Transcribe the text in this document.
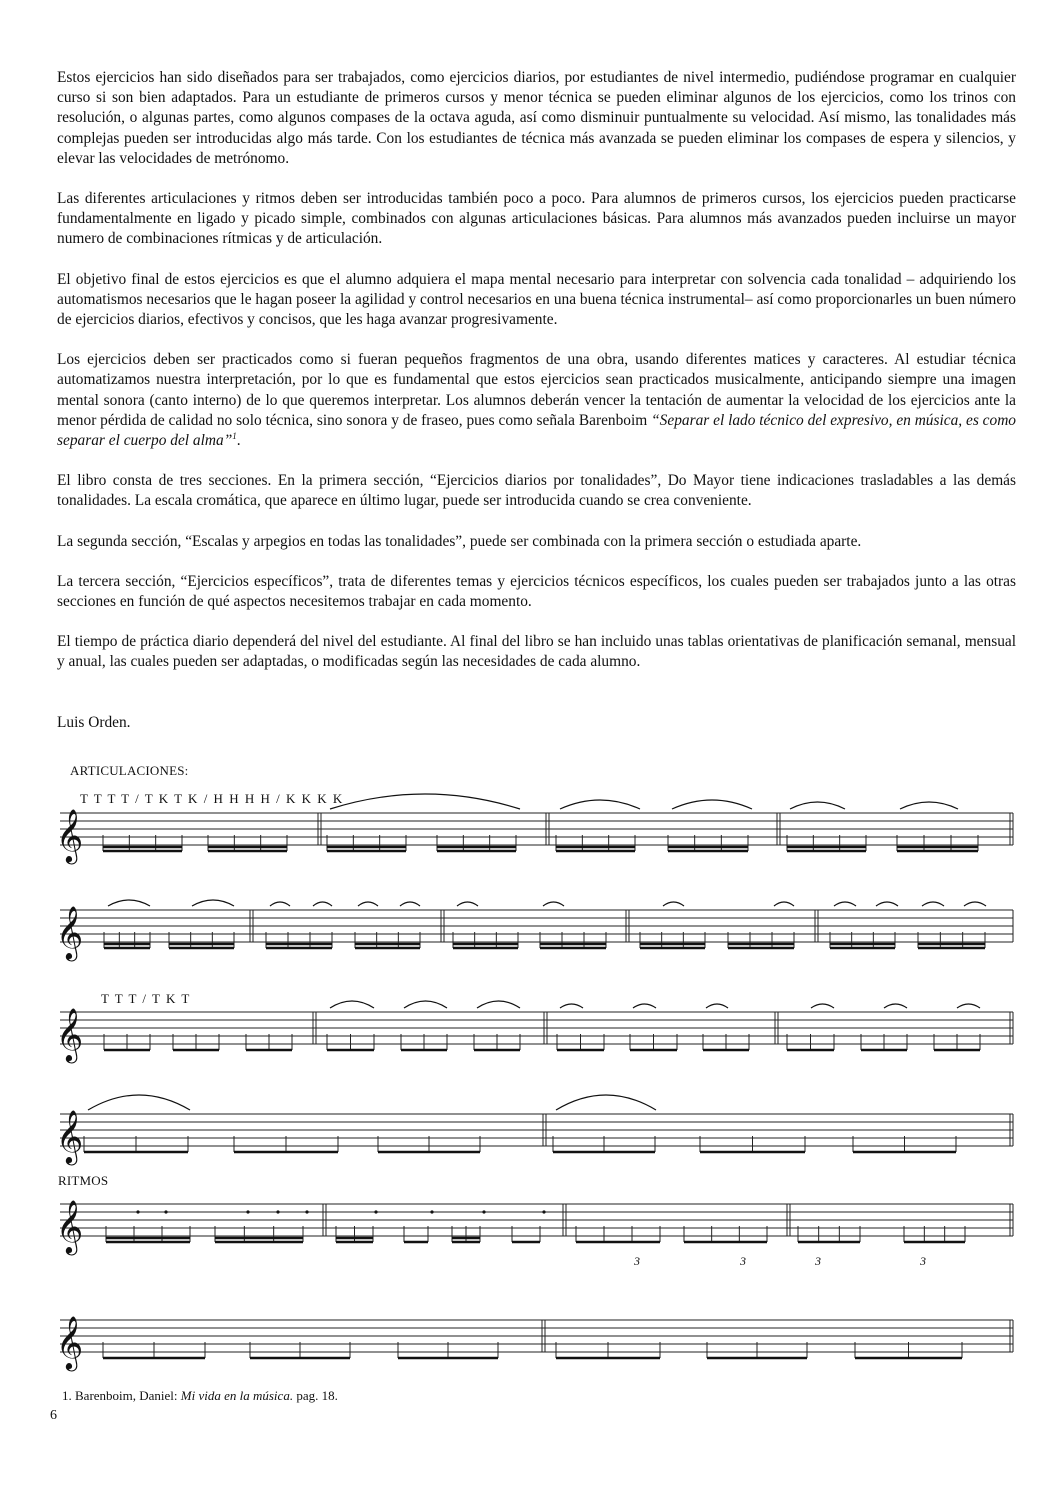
Estos ejercicios han sido diseñados para ser trabajados, como ejercicios diarios, por estudiantes de nivel intermedio, pudiéndose programar en cualquier curso si son bien adaptados. Para un estudiante de primeros cursos y menor técnica se pueden eliminar algunos de los ejercicios, como los trinos con resolución, o algunas partes, como algunos compases de la octava aguda, así como disminuir puntualmente su velocidad. Así mismo, las tonalidades más complejas pueden ser introducidas algo más tarde. Con los estudiantes de técnica más avanzada se pueden eliminar los compases de espera y silencios, y elevar las velocidades de metrónomo.

Las diferentes articulaciones y ritmos deben ser introducidas también poco a poco. Para alumnos de primeros cursos, los ejercicios pueden practicarse fundamentalmente en ligado y picado simple, combinados con algunas articulaciones básicas. Para alumnos más avanzados pueden incluirse un mayor numero de combinaciones rítmicas y de articulación.

El objetivo final de estos ejercicios es que el alumno adquiera el mapa mental necesario para interpretar con solvencia cada tonalidad – adquiriendo los automatismos necesarios que le hagan poseer la agilidad y control necesarios en una buena técnica instrumental– así como proporcionarles un buen número de ejercicios diarios, efectivos y concisos, que les haga avanzar progresivamente.

Los ejercicios deben ser practicados como si fueran pequeños fragmentos de una obra, usando diferentes matices y caracteres. Al estudiar técnica automatizamos nuestra interpretación, por lo que es fundamental que estos ejercicios sean practicados musicalmente, anticipando siempre una imagen mental sonora (canto interno) de lo que queremos interpretar. Los alumnos deberán vencer la tentación de aumentar la velocidad de los ejercicios ante la menor pérdida de calidad no solo técnica, sino sonora y de fraseo, pues como señala Barenboim “Separar el lado técnico del expresivo, en música, es como separar el cuerpo del alma”$^1$.

El libro consta de tres secciones. En la primera sección, “Ejercicios diarios por tonalidades”, Do Mayor tiene indicaciones trasladables a las demás tonalidades. La escala cromática, que aparece en último lugar, puede ser introducida cuando se crea conveniente.

La segunda sección, “Escalas y arpegios en todas las tonalidades”, puede ser combinada con la primera sección o estudiada aparte.

La tercera sección, “Ejercicios específicos”, trata de diferentes temas y ejercicios técnicos específicos, los cuales pueden ser trabajados junto a las otras secciones en función de qué aspectos necesitemos trabajar en cada momento.

El tiempo de práctica diario dependerá del nivel del estudiante. Al final del libro se han incluido unas tablas orientativas de planificación semanal, mensual y anual, las cuales pueden ser adaptadas, o modificadas según las necesidades de cada alumno.

Luis Orden.

ARTICULACIONES:
T T T T / T K T K / H H H H / K K K K
T T T / T K T
RITMOS
𝄞
𝄞
𝄞
𝄞
𝄞
3	3	3	3
𝄞
1. Barenboim, Daniel: Mi vida en la música. pag. 18.
6
